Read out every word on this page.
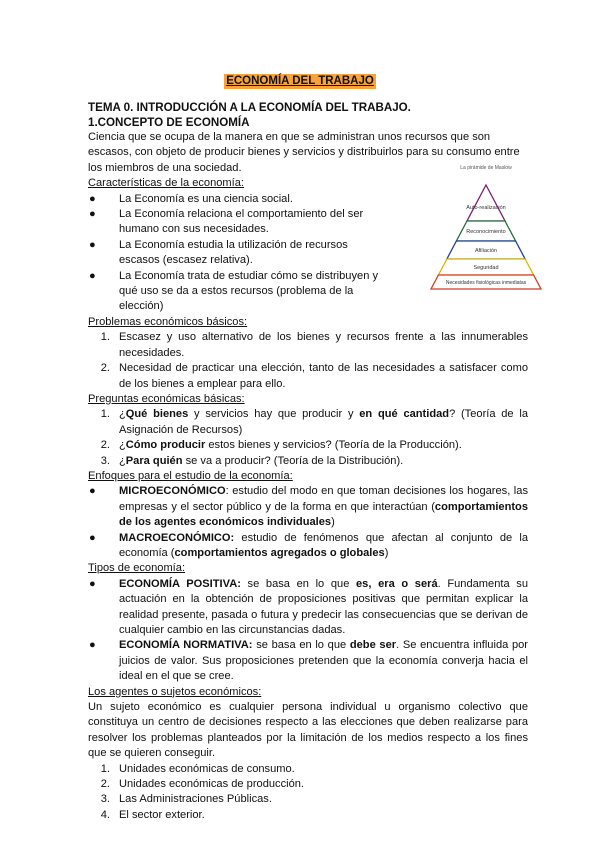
ECONOMÍA DEL TRABAJO

TEMA 0. INTRODUCCIÓN A LA ECONOMÍA DEL TRABAJO.

1.CONCEPTO DE ECONOMÍA

Ciencia que se ocupa de la manera en que se administran unos recursos que son escasos, con objeto de producir bienes y servicios y distribuirlos para su consumo entre los miembros de una sociedad.

Características de la economía:

● La Economía es una ciencia social.
● La Economía relaciona el comportamiento del ser humano con sus necesidades.
● La Economía estudia la utilización de recursos escasos (escasez relativa).
● La Economía trata de estudiar cómo se distribuyen y qué uso se da a estos recursos (problema de la elección)

Problemas económicos básicos:

1. Escasez y uso alternativo de los bienes y recursos frente a las innumerables necesidades.
2. Necesidad de practicar una elección, tanto de las necesidades a satisfacer como de los bienes a emplear para ello.

Preguntas económicas básicas:

1. ¿Qué bienes y servicios hay que producir y en qué cantidad? (Teoría de la Asignación de Recursos)
2. ¿Cómo producir estos bienes y servicios? (Teoría de la Producción).
3. ¿Para quién se va a producir? (Teoría de la Distribución).

Enfoques para el estudio de la economía:

● MICROECONÓMICO: estudio del modo en que toman decisiones los hogares, las empresas y el sector público y de la forma en que interactúan (comportamientos de los agentes económicos individuales)
● MACROECONÓMICO: estudio de fenómenos que afectan al conjunto de la economía (comportamientos agregados o globales)

Tipos de economía:

● ECONOMÍA POSITIVA: se basa en lo que es, era o será. Fundamenta su actuación en la obtención de proposiciones positivas que permitan explicar la realidad presente, pasada o futura y predecir las consecuencias que se derivan de cualquier cambio en las circunstancias dadas.
● ECONOMÍA NORMATIVA: se basa en lo que debe ser. Se encuentra influida por juicios de valor. Sus proposiciones pretenden que la economía converja hacia el ideal en el que se cree.

Los agentes o sujetos económicos:

Un sujeto económico es cualquier persona individual u organismo colectivo que constituya un centro de decisiones respecto a las elecciones que deben realizarse para resolver los problemas planteados por la limitación de los medios respecto a los fines que se quieren conseguir.

1. Unidades económicas de consumo.
2. Unidades económicas de producción.
3. Las Administraciones Públicas.
4. El sector exterior.
La pirámide de Maslow
Auto-realización
Reconocimiento
Afiliación
Seguridad
Necesidades fisiológicas inmediatas
